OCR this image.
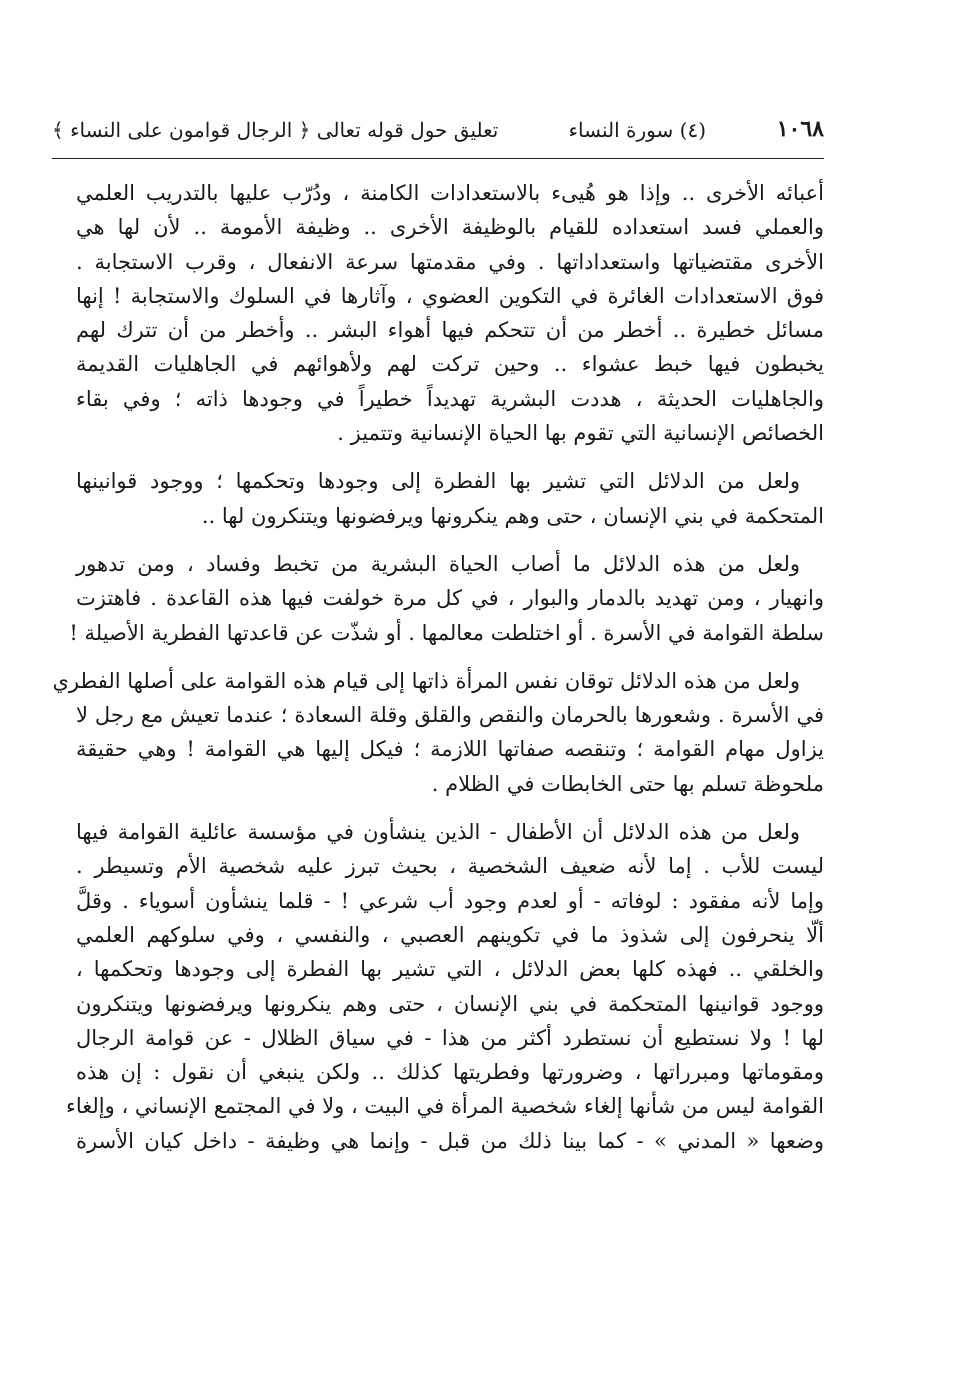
١٠٦٨
(٤) سورة النساء
تعليق حول قوله تعالى ﴿ الرجال قوامون على النساء ﴾

أعبائه الأخرى .. وإذا هو هُيىء بالاستعدادات الكامنة ، ودُرّب عليها بالتدريب العلمي
والعملي فسد استعداده للقيام بالوظيفة الأخرى .. وظيفة الأمومة .. لأن لها هي
الأخرى مقتضياتها واستعداداتها . وفي مقدمتها سرعة الانفعال ، وقرب الاستجابة .
فوق الاستعدادات الغائرة في التكوين العضوي ، وآثارها في السلوك والاستجابة ! إنها
مسائل خطيرة .. أخطر من أن تتحكم فيها أهواء البشر .. وأخطر من أن تترك لهم
يخبطون فيها خبط عشواء .. وحين تركت لهم ولأهوائهم في الجاهليات القديمة
والجاهليات الحديثة ، هددت البشرية تهديداً خطيراً في وجودها ذاته ؛ وفي بقاء
الخصائص الإنسانية التي تقوم بها الحياة الإنسانية وتتميز .

ولعل من الدلائل التي تشير بها الفطرة إلى وجودها وتحكمها ؛ ووجود قوانينها
المتحكمة في بني الإنسان ، حتى وهم ينكرونها ويرفضونها ويتنكرون لها ..

ولعل من هذه الدلائل ما أصاب الحياة البشرية من تخبط وفساد ، ومن تدهور
وانهيار ، ومن تهديد بالدمار والبوار ، في كل مرة خولفت فيها هذه القاعدة . فاهتزت
سلطة القوامة في الأسرة . أو اختلطت معالمها . أو شذّت عن قاعدتها الفطرية الأصيلة !

ولعل من هذه الدلائل توقان نفس المرأة ذاتها إلى قيام هذه القوامة على أصلها الفطري
في الأسرة . وشعورها بالحرمان والنقص والقلق وقلة السعادة ؛ عندما تعيش مع رجل لا
يزاول مهام القوامة ؛ وتنقصه صفاتها اللازمة ؛ فيكل إليها هي القوامة ! وهي حقيقة
ملحوظة تسلم بها حتى الخابطات في الظلام .

ولعل من هذه الدلائل أن الأطفال - الذين ينشأون في مؤسسة عائلية القوامة فيها
ليست للأب . إما لأنه ضعيف الشخصية ، بحيث تبرز عليه شخصية الأم وتسيطر .
وإما لأنه مفقود : لوفاته - أو لعدم وجود أب شرعي ! - قلما ينشأون أسوياء . وقلَّ
ألّا ينحرفون إلى شذوذ ما في تكوينهم العصبي ، والنفسي ، وفي سلوكهم العلمي
والخلقي .. فهذه كلها بعض الدلائل ، التي تشير بها الفطرة إلى وجودها وتحكمها ،
ووجود قوانينها المتحكمة في بني الإنسان ، حتى وهم ينكرونها ويرفضونها ويتنكرون
لها ! ولا نستطيع أن نستطرد أكثر من هذا - في سياق الظلال - عن قوامة الرجال
ومقوماتها ومبرراتها ، وضرورتها وفطريتها كذلك .. ولكن ينبغي أن نقول : إن هذه
القوامة ليس من شأنها إلغاء شخصية المرأة في البيت ، ولا في المجتمع الإنساني ، وإلغاء
وضعها « المدني » - كما بينا ذلك من قبل - وإنما هي وظيفة - داخل كيان الأسرة
